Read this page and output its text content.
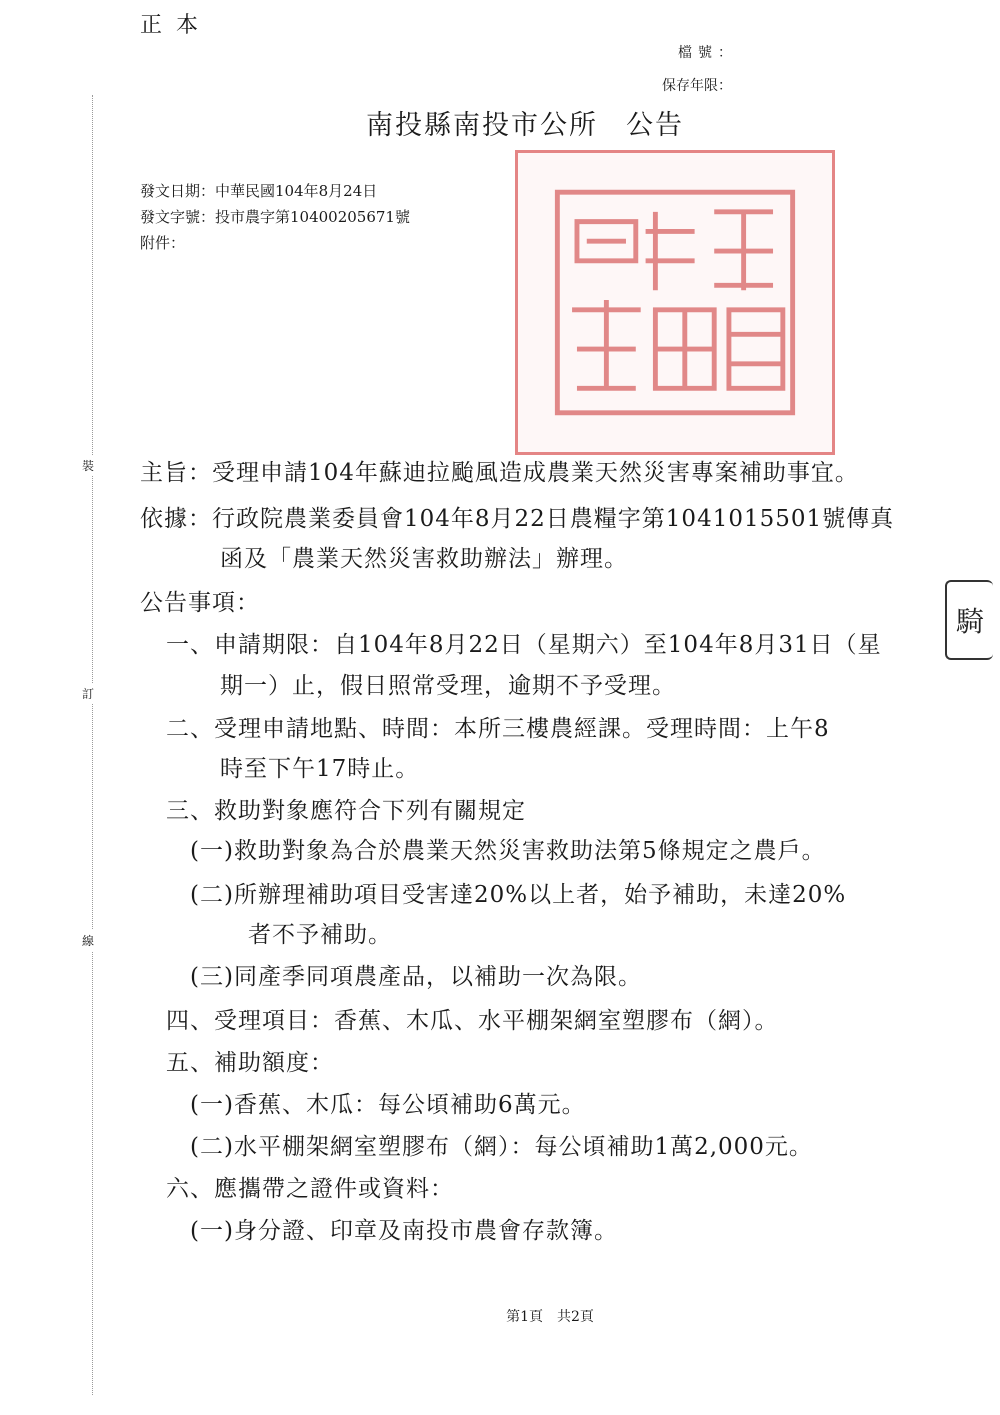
正本
檔號：
保存年限：
裝
訂
線
南投縣南投市公所 公告
發文日期：中華民國104年8月24日
發文字號：投市農字第10400205671號
附件：
騎
主旨：受理申請104年蘇迪拉颱風造成農業天然災害專案補助事宜。
依據：行政院農業委員會104年8月22日農糧字第1041015501號傳真
函及「農業天然災害救助辦法」辦理。
公告事項：
一、申請期限：自104年8月22日（星期六）至104年8月31日（星
期一）止，假日照常受理，逾期不予受理。
二、受理申請地點、時間：本所三樓農經課。受理時間：上午8
時至下午17時止。
三、救助對象應符合下列有關規定
(一)救助對象為合於農業天然災害救助法第5條規定之農戶。
(二)所辦理補助項目受害達20%以上者，始予補助，未達20%
者不予補助。
(三)同產季同項農產品，以補助一次為限。
四、受理項目：香蕉、木瓜、水平棚架網室塑膠布（網）。
五、補助額度：
(一)香蕉、木瓜：每公頃補助6萬元。
(二)水平棚架網室塑膠布（網）：每公頃補助1萬2,000元。
六、應攜帶之證件或資料：
(一)身分證、印章及南投市農會存款簿。
第1頁 共2頁
